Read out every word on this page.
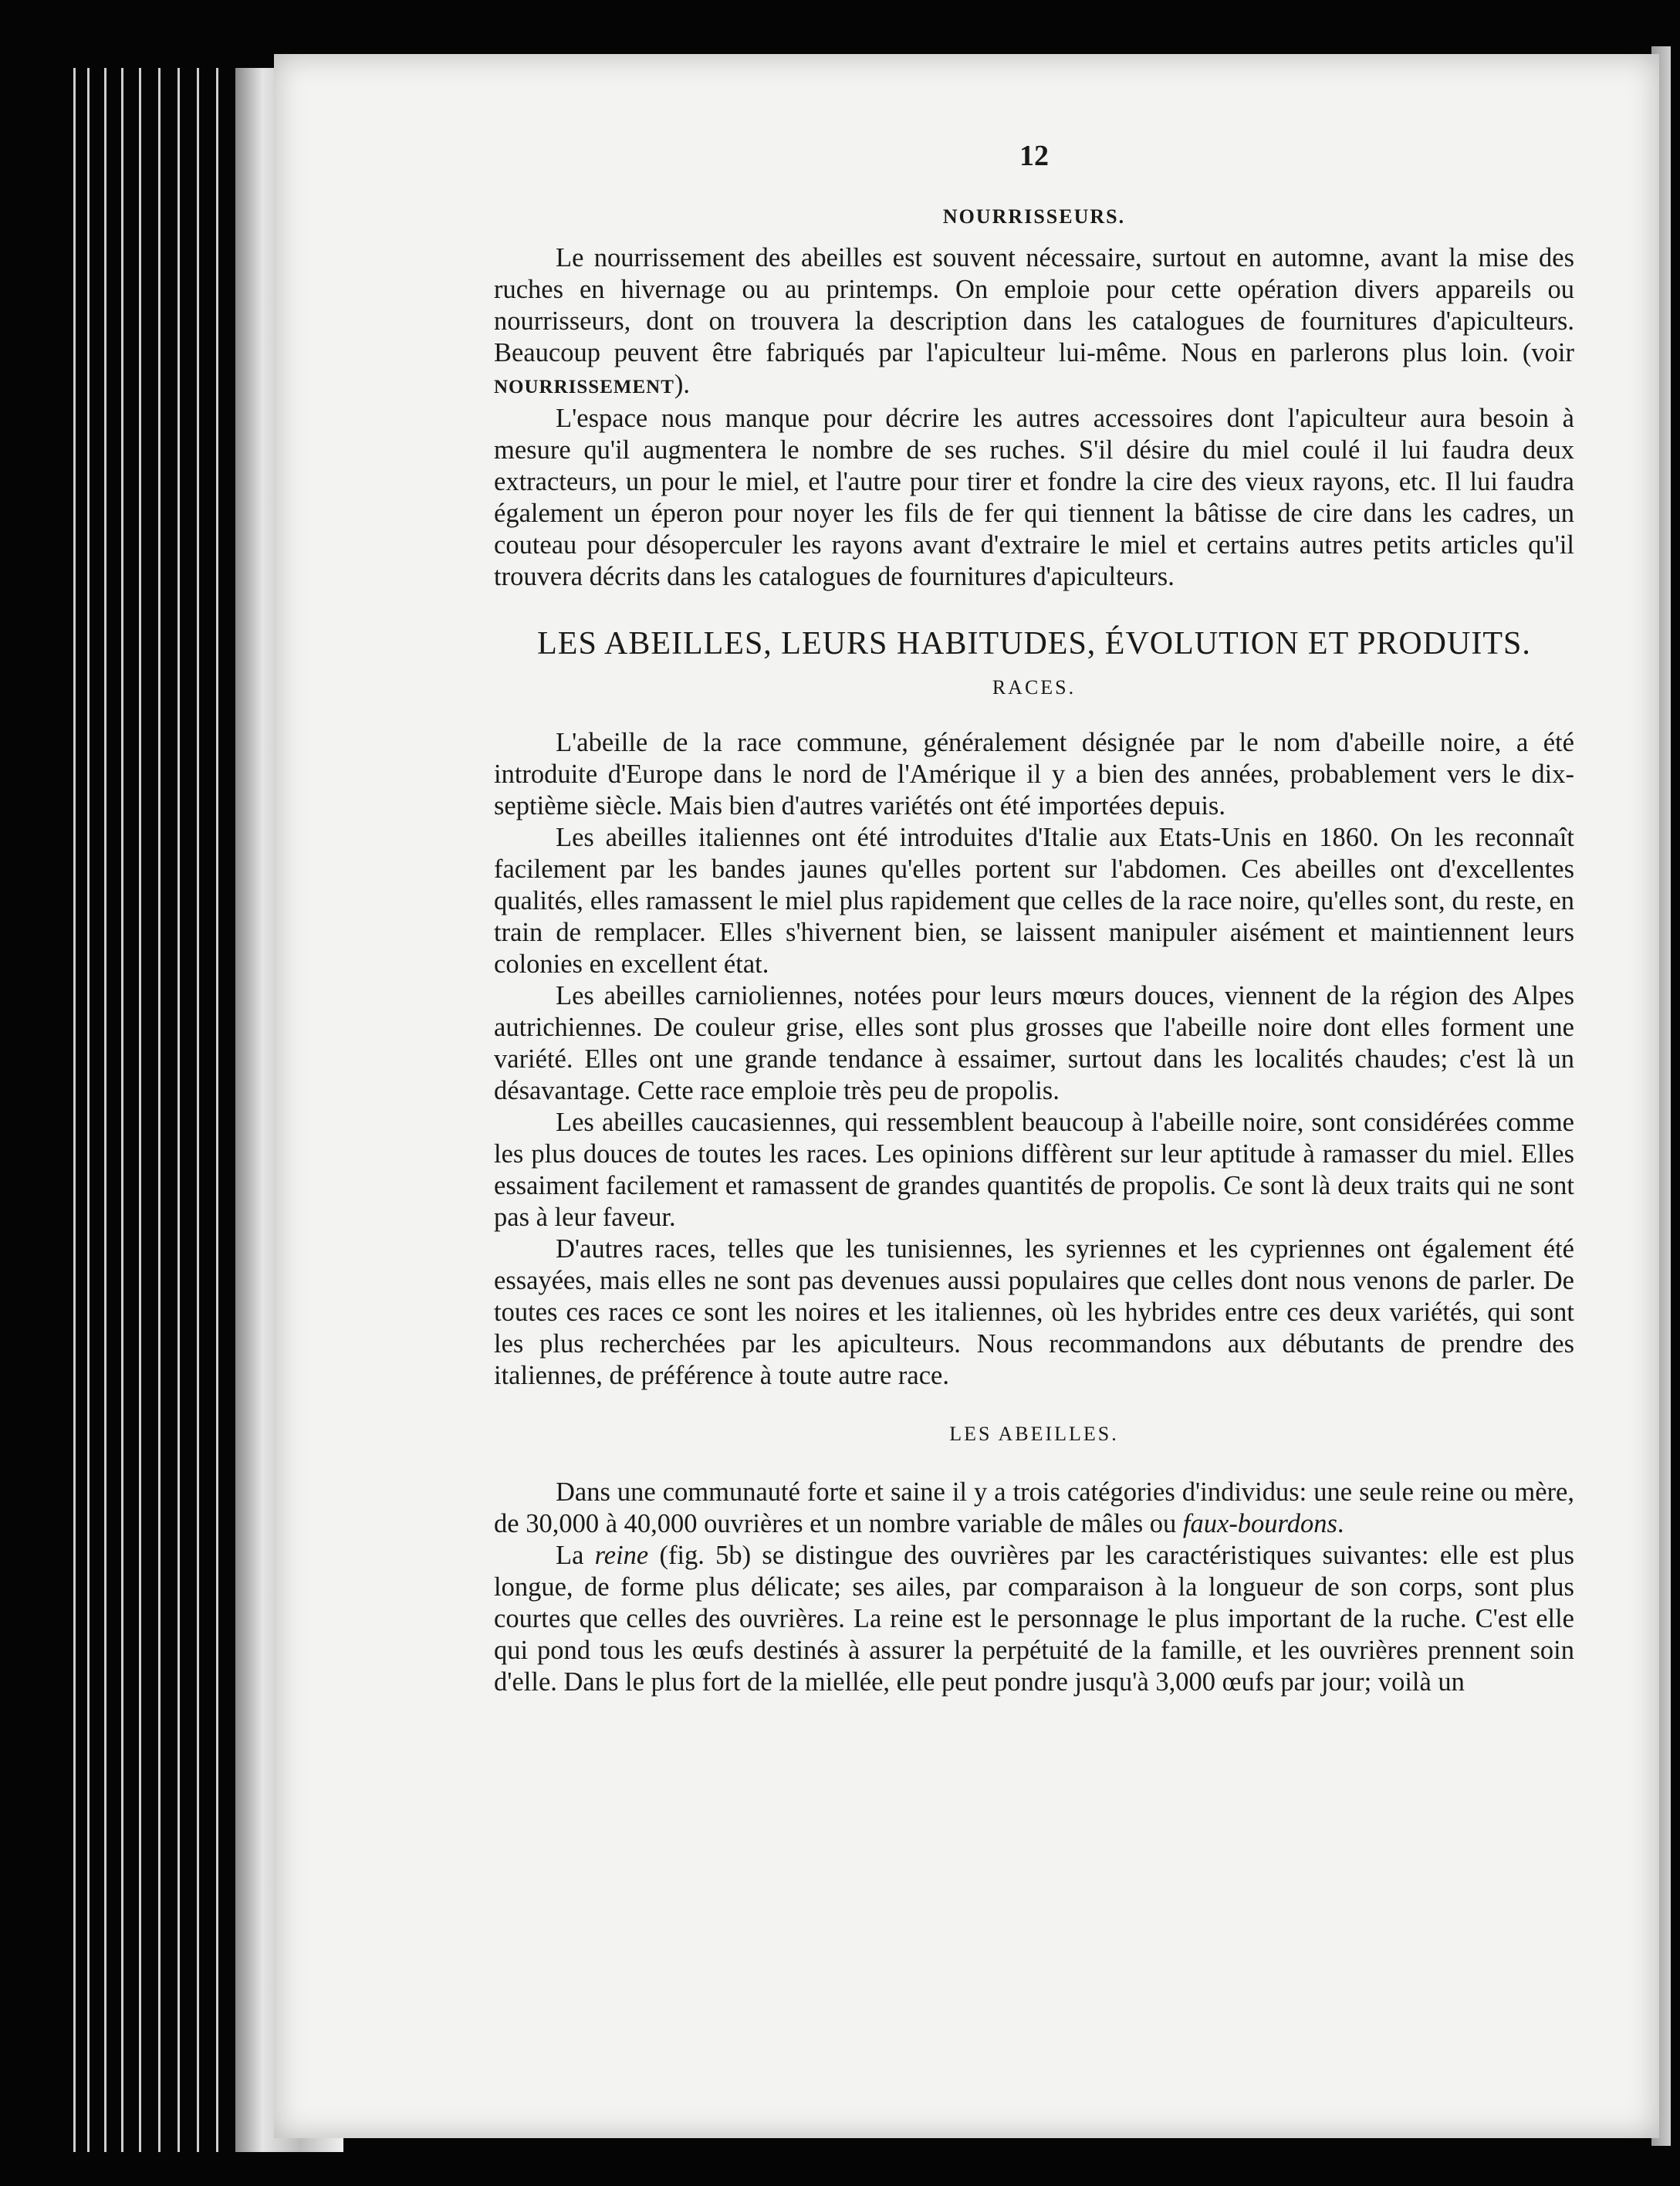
12
NOURRISSEURS.

Le nourrissement des abeilles est souvent nécessaire, surtout en automne, avant la mise des ruches en hivernage ou au printemps. On emploie pour cette opération divers appareils ou nourrisseurs, dont on trouvera la description dans les catalogues de fournitures d'apiculteurs. Beaucoup peuvent être fabriqués par l'apiculteur lui-même. Nous en parlerons plus loin. (voir NOURRISSEMENT).

L'espace nous manque pour décrire les autres accessoires dont l'apiculteur aura besoin à mesure qu'il augmentera le nombre de ses ruches. S'il désire du miel coulé il lui faudra deux extracteurs, un pour le miel, et l'autre pour tirer et fondre la cire des vieux rayons, etc. Il lui faudra également un éperon pour noyer les fils de fer qui tiennent la bâtisse de cire dans les cadres, un couteau pour désoperculer les rayons avant d'extraire le miel et certains autres petits articles qu'il trouvera décrits dans les catalogues de fournitures d'apiculteurs.

LES ABEILLES, LEURS HABITUDES, ÉVOLUTION ET PRODUITS.
RACES.

L'abeille de la race commune, généralement désignée par le nom d'abeille noire, a été introduite d'Europe dans le nord de l'Amérique il y a bien des années, probablement vers le dix-septième siècle. Mais bien d'autres variétés ont été importées depuis.

Les abeilles italiennes ont été introduites d'Italie aux Etats-Unis en 1860. On les reconnaît facilement par les bandes jaunes qu'elles portent sur l'abdomen. Ces abeilles ont d'excellentes qualités, elles ramassent le miel plus rapidement que celles de la race noire, qu'elles sont, du reste, en train de remplacer. Elles s'hivernent bien, se laissent manipuler aisément et maintiennent leurs colonies en excellent état.

Les abeilles carnioliennes, notées pour leurs mœurs douces, viennent de la région des Alpes autrichiennes. De couleur grise, elles sont plus grosses que l'abeille noire dont elles forment une variété. Elles ont une grande tendance à essaimer, surtout dans les localités chaudes; c'est là un désavantage. Cette race emploie très peu de propolis.

Les abeilles caucasiennes, qui ressemblent beaucoup à l'abeille noire, sont considérées comme les plus douces de toutes les races. Les opinions diffèrent sur leur aptitude à ramasser du miel. Elles essaiment facilement et ramassent de grandes quantités de propolis. Ce sont là deux traits qui ne sont pas à leur faveur.

D'autres races, telles que les tunisiennes, les syriennes et les cypriennes ont également été essayées, mais elles ne sont pas devenues aussi populaires que celles dont nous venons de parler. De toutes ces races ce sont les noires et les italiennes, où les hybrides entre ces deux variétés, qui sont les plus recherchées par les apiculteurs. Nous recommandons aux débutants de prendre des italiennes, de préférence à toute autre race.

LES ABEILLES.

Dans une communauté forte et saine il y a trois catégories d'individus: une seule reine ou mère, de 30,000 à 40,000 ouvrières et un nombre variable de mâles ou faux-bourdons.

La reine (fig. 5b) se distingue des ouvrières par les caractéristiques suivantes: elle est plus longue, de forme plus délicate; ses ailes, par comparaison à la longueur de son corps, sont plus courtes que celles des ouvrières. La reine est le personnage le plus important de la ruche. C'est elle qui pond tous les œufs destinés à assurer la perpétuité de la famille, et les ouvrières prennent soin d'elle. Dans le plus fort de la miellée, elle peut pondre jusqu'à 3,000 œufs par jour; voilà un
